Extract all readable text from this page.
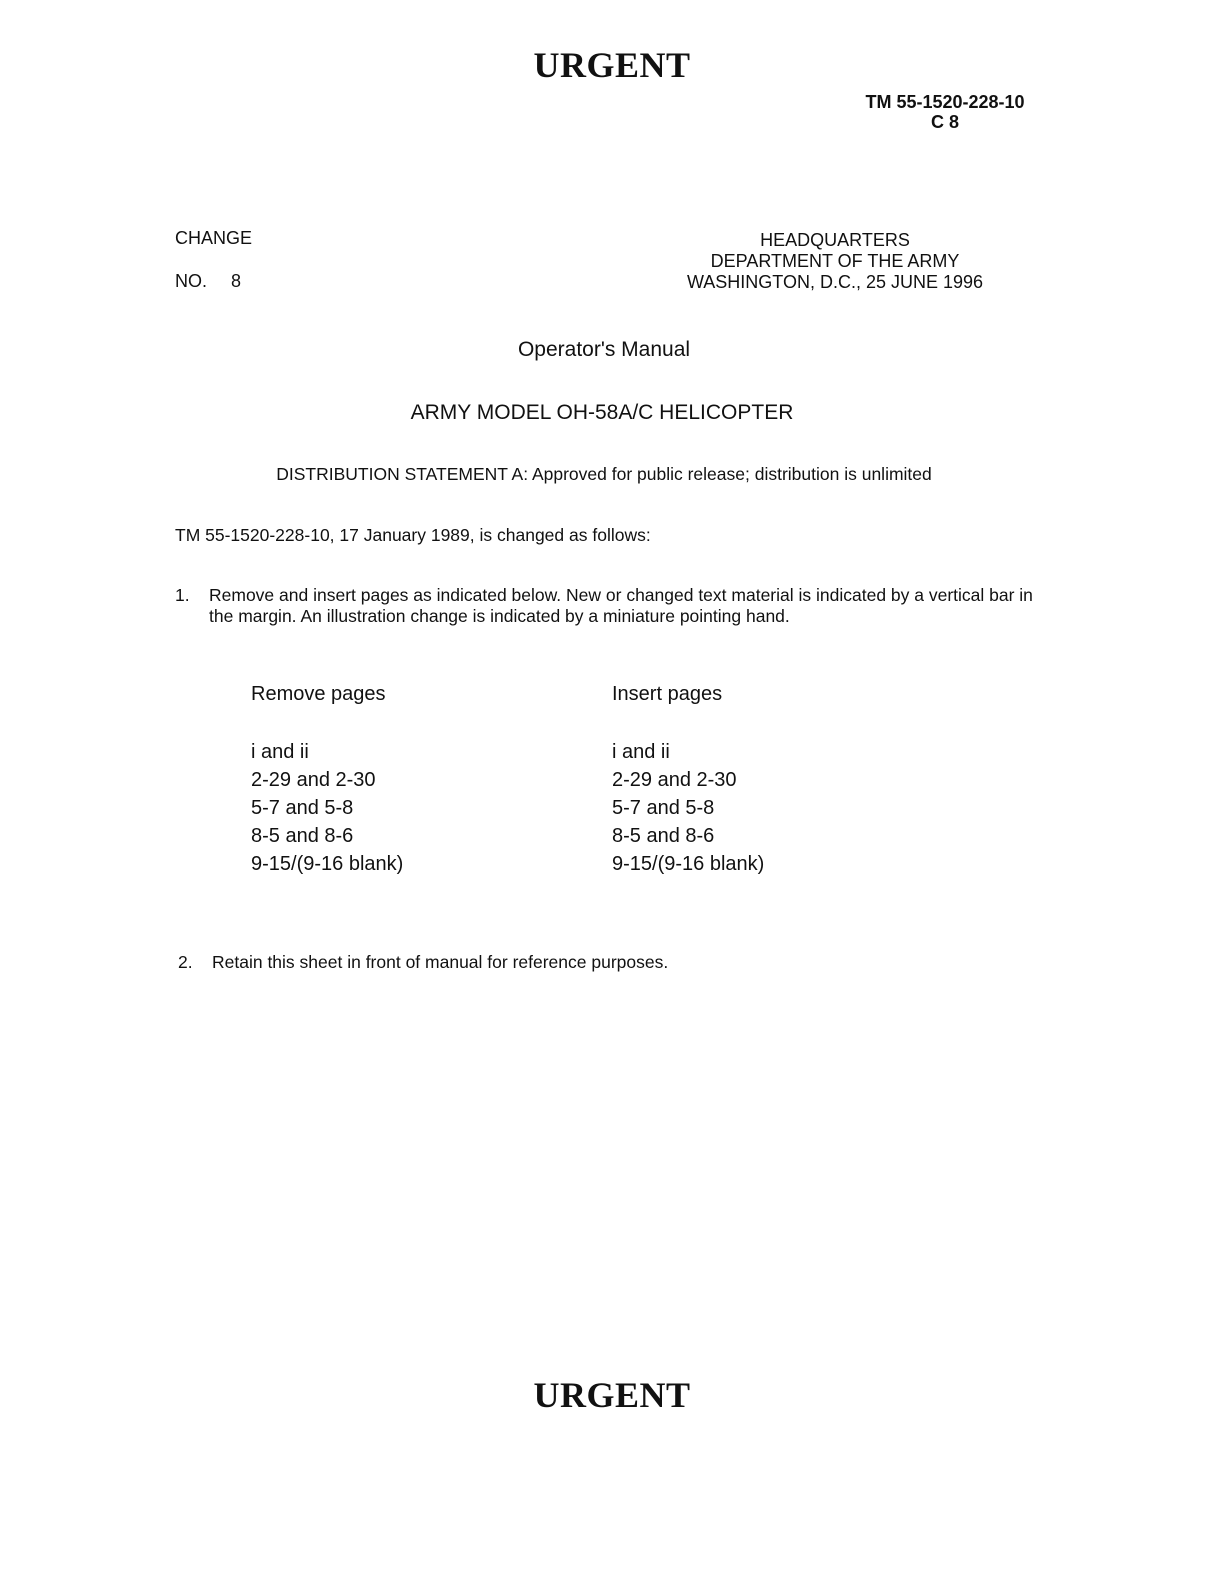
URGENT
TM 55-1520-228-10
C 8
CHANGE
NO. 8
HEADQUARTERS
DEPARTMENT OF THE ARMY
WASHINGTON, D.C., 25 JUNE 1996
Operator's Manual
ARMY MODEL OH-58A/C HELICOPTER
DISTRIBUTION STATEMENT A: Approved for public release; distribution is unlimited
TM 55-1520-228-10, 17 January 1989, is changed as follows:
1. Remove and insert pages as indicated below. New or changed text material is indicated by a vertical bar in the margin. An illustration change is indicated by a miniature pointing hand.
Remove pages
i and ii
2-29 and 2-30
5-7 and 5-8
8-5 and 8-6
9-15/(9-16 blank)
Insert pages
i and ii
2-29 and 2-30
5-7 and 5-8
8-5 and 8-6
9-15/(9-16 blank)
2. Retain this sheet in front of manual for reference purposes.
URGENT
